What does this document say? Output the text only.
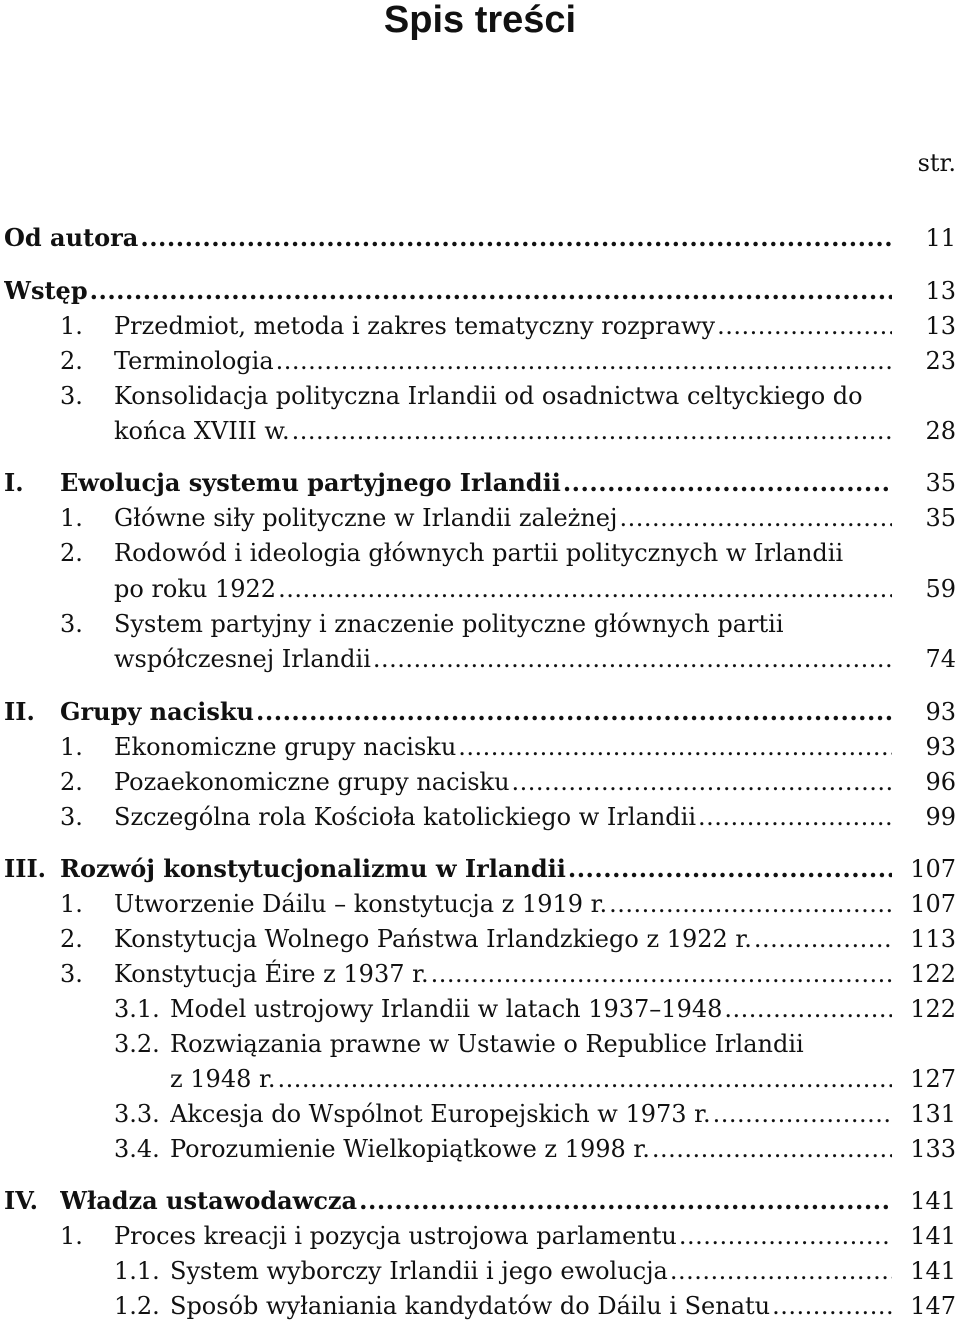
Spis treści
str.
Od autora .....	11
Wstęp .....	13
1. Przedmiot, metoda i zakres tematyczny rozprawy .....	13
2. Terminologia .....	23
3. Konsolidacja polityczna Irlandii od osadnictwa celtyckiego do
końca XVIII w. .....	28
I. Ewolucja systemu partyjnego Irlandii .....	35
1. Główne siły polityczne w Irlandii zależnej .....	35
2. Rodowód i ideologia głównych partii politycznych w Irlandii
po roku 1922 .....	59
3. System partyjny i znaczenie polityczne głównych partii
współczesnej Irlandii .....	74
II. Grupy nacisku .....	93
1. Ekonomiczne grupy nacisku .....	93
2. Pozaekonomiczne grupy nacisku .....	96
3. Szczególna rola Kościoła katolickiego w Irlandii .....	99
III. Rozwój konstytucjonalizmu w Irlandii .....	107
1. Utworzenie Dáilu – konstytucja z 1919 r. .....	107
2. Konstytucja Wolnego Państwa Irlandzkiego z 1922 r. .....	113
3. Konstytucja Éire z 1937 r. .....	122
3.1. Model ustrojowy Irlandii w latach 1937–1948 .....	122
3.2. Rozwiązania prawne w Ustawie o Republice Irlandii
z 1948 r. .....	127
3.3. Akcesja do Wspólnot Europejskich w 1973 r. .....	131
3.4. Porozumienie Wielkopiątkowe z 1998 r. .....	133
IV. Władza ustawodawcza .....	141
1. Proces kreacji i pozycja ustrojowa parlamentu .....	141
1.1. System wyborczy Irlandii i jego ewolucja .....	141
1.2. Sposób wyłaniania kandydatów do Dáilu i Senatu .....	147
